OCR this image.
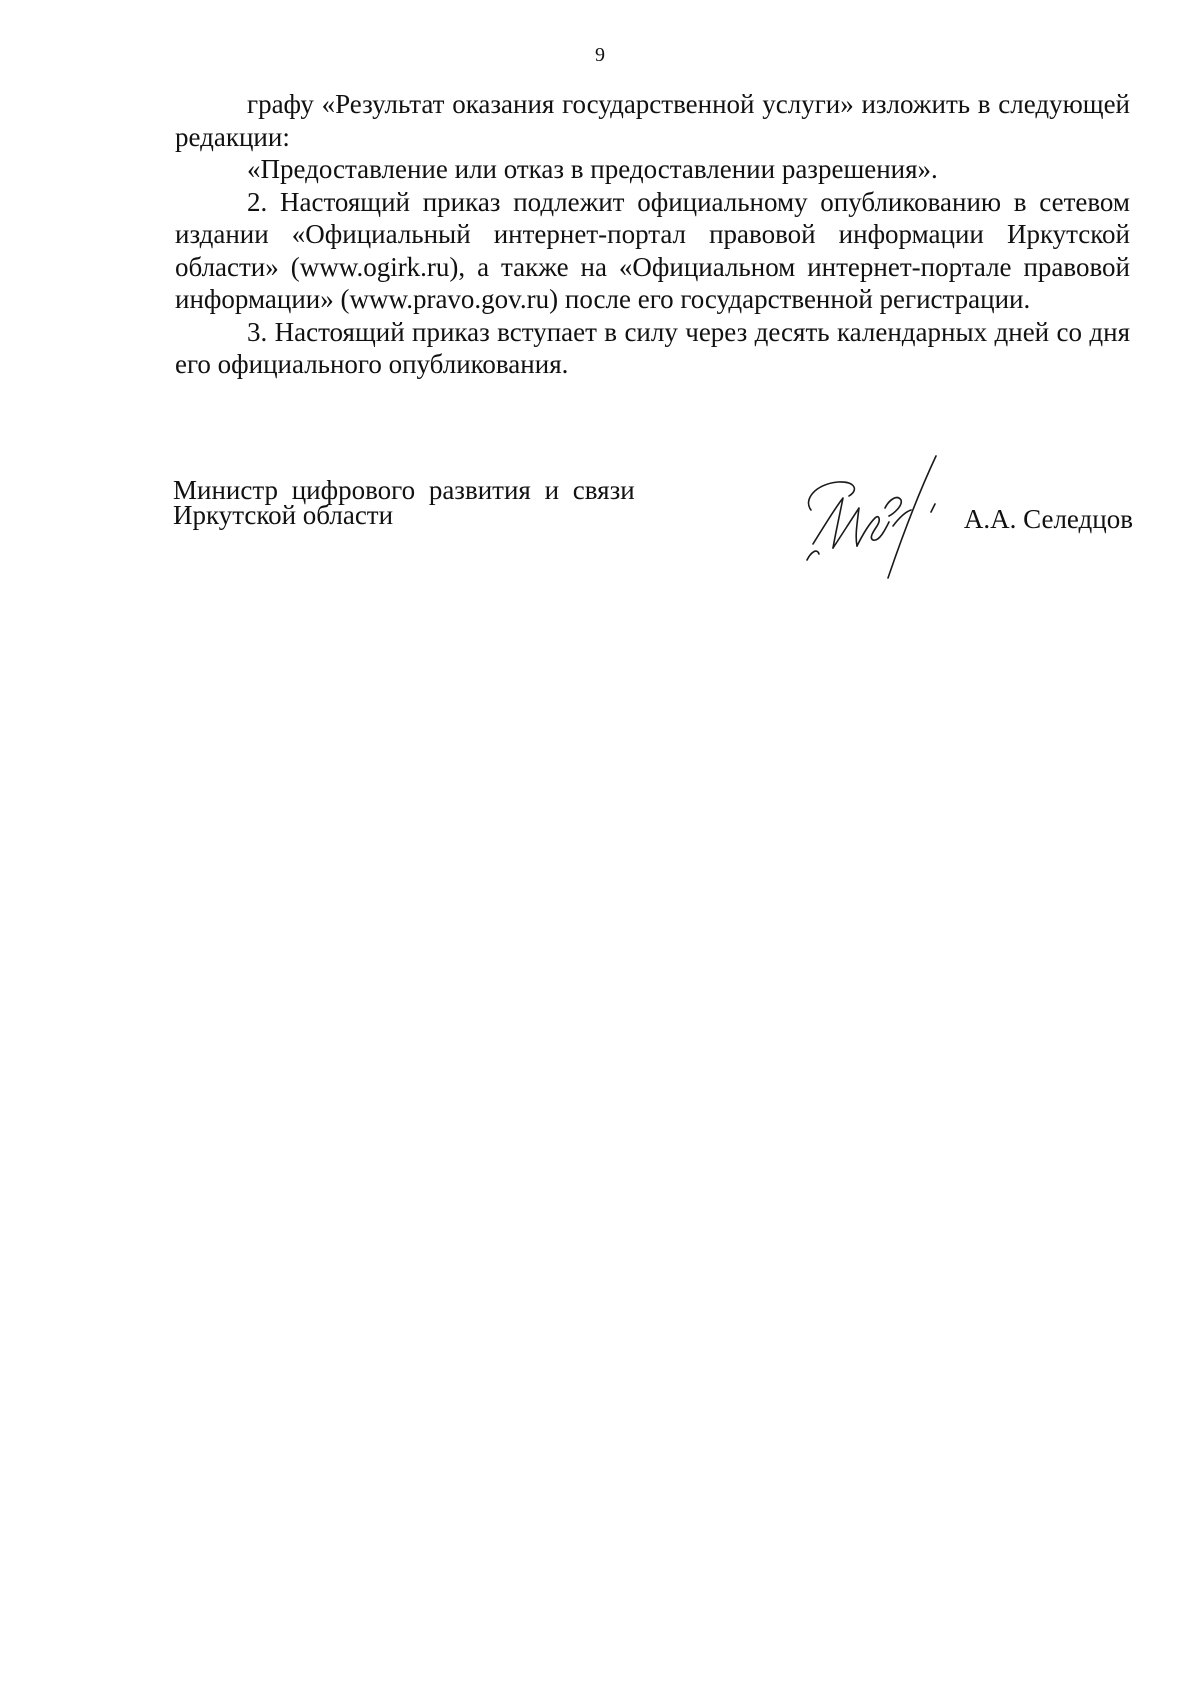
9

графу «Результат оказания государственной услуги» изложить в следующей редакции:

«Предоставление или отказ в предоставлении разрешения».

2. Настоящий приказ подлежит официальному опубликованию в сетевом издании «Официальный интернет-портал правовой информации Иркутской области» (www.ogirk.ru), а также на «Официальном интернет-портале правовой информации» (www.pravo.gov.ru) после его государственной регистрации.

3. Настоящий приказ вступает в силу через десять календарных дней со дня его официального опубликования.

Министр цифрового развития и связи
Иркутской области	А.А. Селедцов
